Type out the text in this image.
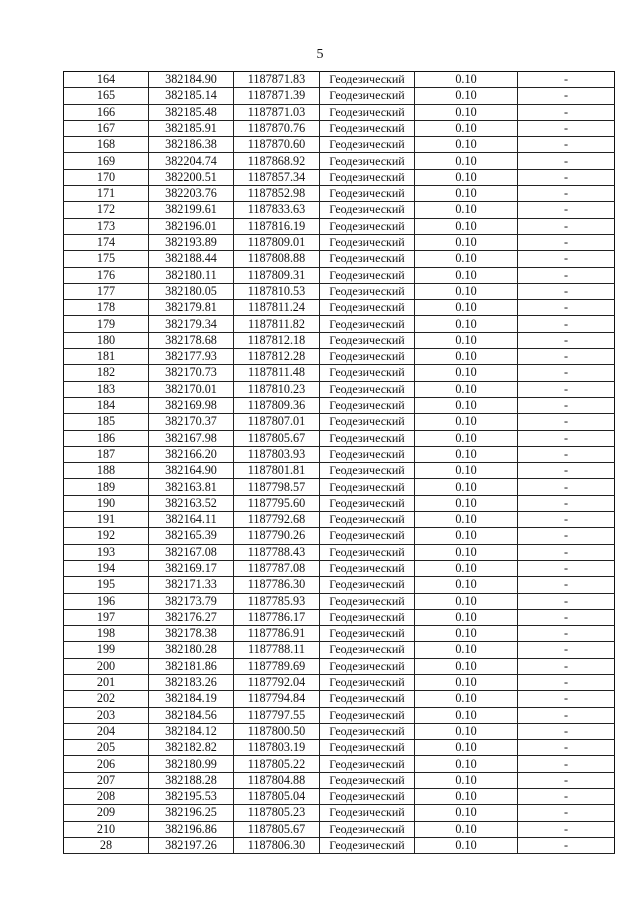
5
164	382184.90	1187871.83	Геодезический	0.10	-
165	382185.14	1187871.39	Геодезический	0.10	-
166	382185.48	1187871.03	Геодезический	0.10	-
167	382185.91	1187870.76	Геодезический	0.10	-
168	382186.38	1187870.60	Геодезический	0.10	-
169	382204.74	1187868.92	Геодезический	0.10	-
170	382200.51	1187857.34	Геодезический	0.10	-
171	382203.76	1187852.98	Геодезический	0.10	-
172	382199.61	1187833.63	Геодезический	0.10	-
173	382196.01	1187816.19	Геодезический	0.10	-
174	382193.89	1187809.01	Геодезический	0.10	-
175	382188.44	1187808.88	Геодезический	0.10	-
176	382180.11	1187809.31	Геодезический	0.10	-
177	382180.05	1187810.53	Геодезический	0.10	-
178	382179.81	1187811.24	Геодезический	0.10	-
179	382179.34	1187811.82	Геодезический	0.10	-
180	382178.68	1187812.18	Геодезический	0.10	-
181	382177.93	1187812.28	Геодезический	0.10	-
182	382170.73	1187811.48	Геодезический	0.10	-
183	382170.01	1187810.23	Геодезический	0.10	-
184	382169.98	1187809.36	Геодезический	0.10	-
185	382170.37	1187807.01	Геодезический	0.10	-
186	382167.98	1187805.67	Геодезический	0.10	-
187	382166.20	1187803.93	Геодезический	0.10	-
188	382164.90	1187801.81	Геодезический	0.10	-
189	382163.81	1187798.57	Геодезический	0.10	-
190	382163.52	1187795.60	Геодезический	0.10	-
191	382164.11	1187792.68	Геодезический	0.10	-
192	382165.39	1187790.26	Геодезический	0.10	-
193	382167.08	1187788.43	Геодезический	0.10	-
194	382169.17	1187787.08	Геодезический	0.10	-
195	382171.33	1187786.30	Геодезический	0.10	-
196	382173.79	1187785.93	Геодезический	0.10	-
197	382176.27	1187786.17	Геодезический	0.10	-
198	382178.38	1187786.91	Геодезический	0.10	-
199	382180.28	1187788.11	Геодезический	0.10	-
200	382181.86	1187789.69	Геодезический	0.10	-
201	382183.26	1187792.04	Геодезический	0.10	-
202	382184.19	1187794.84	Геодезический	0.10	-
203	382184.56	1187797.55	Геодезический	0.10	-
204	382184.12	1187800.50	Геодезический	0.10	-
205	382182.82	1187803.19	Геодезический	0.10	-
206	382180.99	1187805.22	Геодезический	0.10	-
207	382188.28	1187804.88	Геодезический	0.10	-
208	382195.53	1187805.04	Геодезический	0.10	-
209	382196.25	1187805.23	Геодезический	0.10	-
210	382196.86	1187805.67	Геодезический	0.10	-
28	382197.26	1187806.30	Геодезический	0.10	-
